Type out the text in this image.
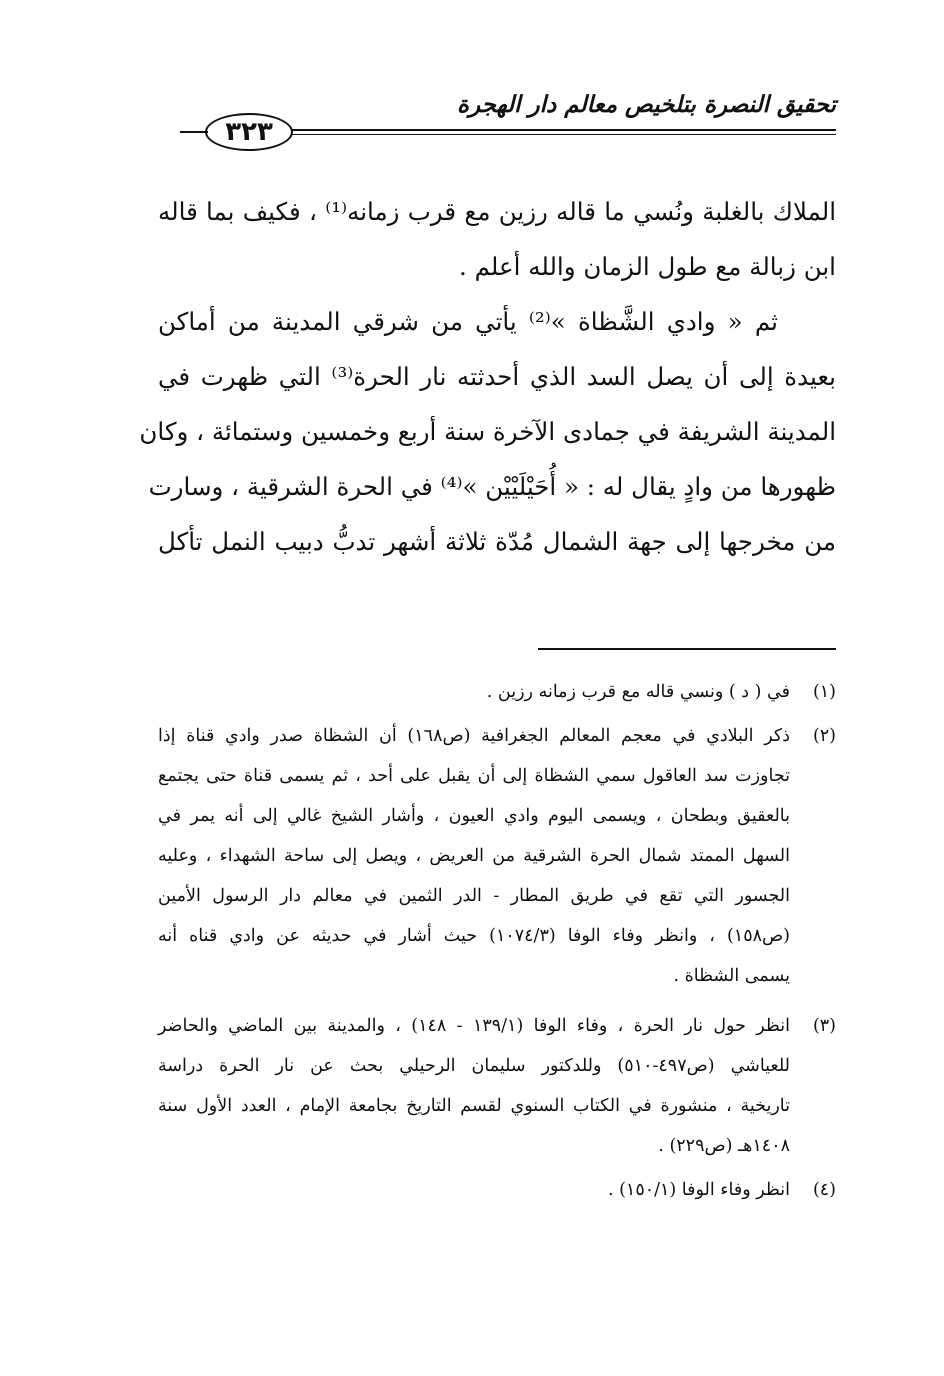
تحقيق النصرة بتلخيص معالم دار الهجرة
٣٢٣
الملاك بالغلبة ونُسي ما قاله رزين مع قرب زمانه⁽¹⁾ ، فكيف بما قاله
ابن زبالة مع طول الزمان والله أعلم .
ثم « وادي الشَّظاة »⁽²⁾ يأتي من شرقي المدينة من أماكن
بعيدة إلى أن يصل السد الذي أحدثته نار الحرة⁽³⁾ التي ظهرت في
المدينة الشريفة في جمادى الآخرة سنة أربع وخمسين وستمائة ، وكان
ظهورها من وادٍ يقال له : « أُحَيْلَيْيْن »⁽⁴⁾ في الحرة الشرقية ، وسارت
من مخرجها إلى جهة الشمال مُدّة ثلاثة أشهر تدبُّ دبيب النمل تأكل
(١)
في ( د ) ونسي قاله مع قرب زمانه رزين .
(٢)
ذكر البلادي في معجم المعالم الجغرافية (ص١٦٨) أن الشظاة صدر وادي قناة إذا
تجاوزت سد العاقول سمي الشظاة إلى أن يقبل على أحد ، ثم يسمى قناة حتى يجتمع
بالعقيق وبطحان ، ويسمى اليوم وادي العيون ، وأشار الشيخ غالي إلى أنه يمر في
السهل الممتد شمال الحرة الشرقية من العريض ، ويصل إلى ساحة الشهداء ، وعليه
الجسور التي تقع في طريق المطار - الدر الثمين في معالم دار الرسول الأمين
(ص١٥٨) ، وانظر وفاء الوفا (١٠٧٤/٣) حيث أشار في حديثه عن وادي قناه أنه
يسمى الشظاة .
(٣)
انظر حول نار الحرة ، وفاء الوفا (١٣٩/١ - ١٤٨) ، والمدينة بين الماضي والحاضر
للعياشي (ص٤٩٧-٥١٠) وللدكتور سليمان الرحيلي بحث عن نار الحرة دراسة
تاريخية ، منشورة في الكتاب السنوي لقسم التاريخ بجامعة الإمام ، العدد الأول سنة
١٤٠٨هـ (ص٢٢٩) .
(٤)
انظر وفاء الوفا (١٥٠/١) .
